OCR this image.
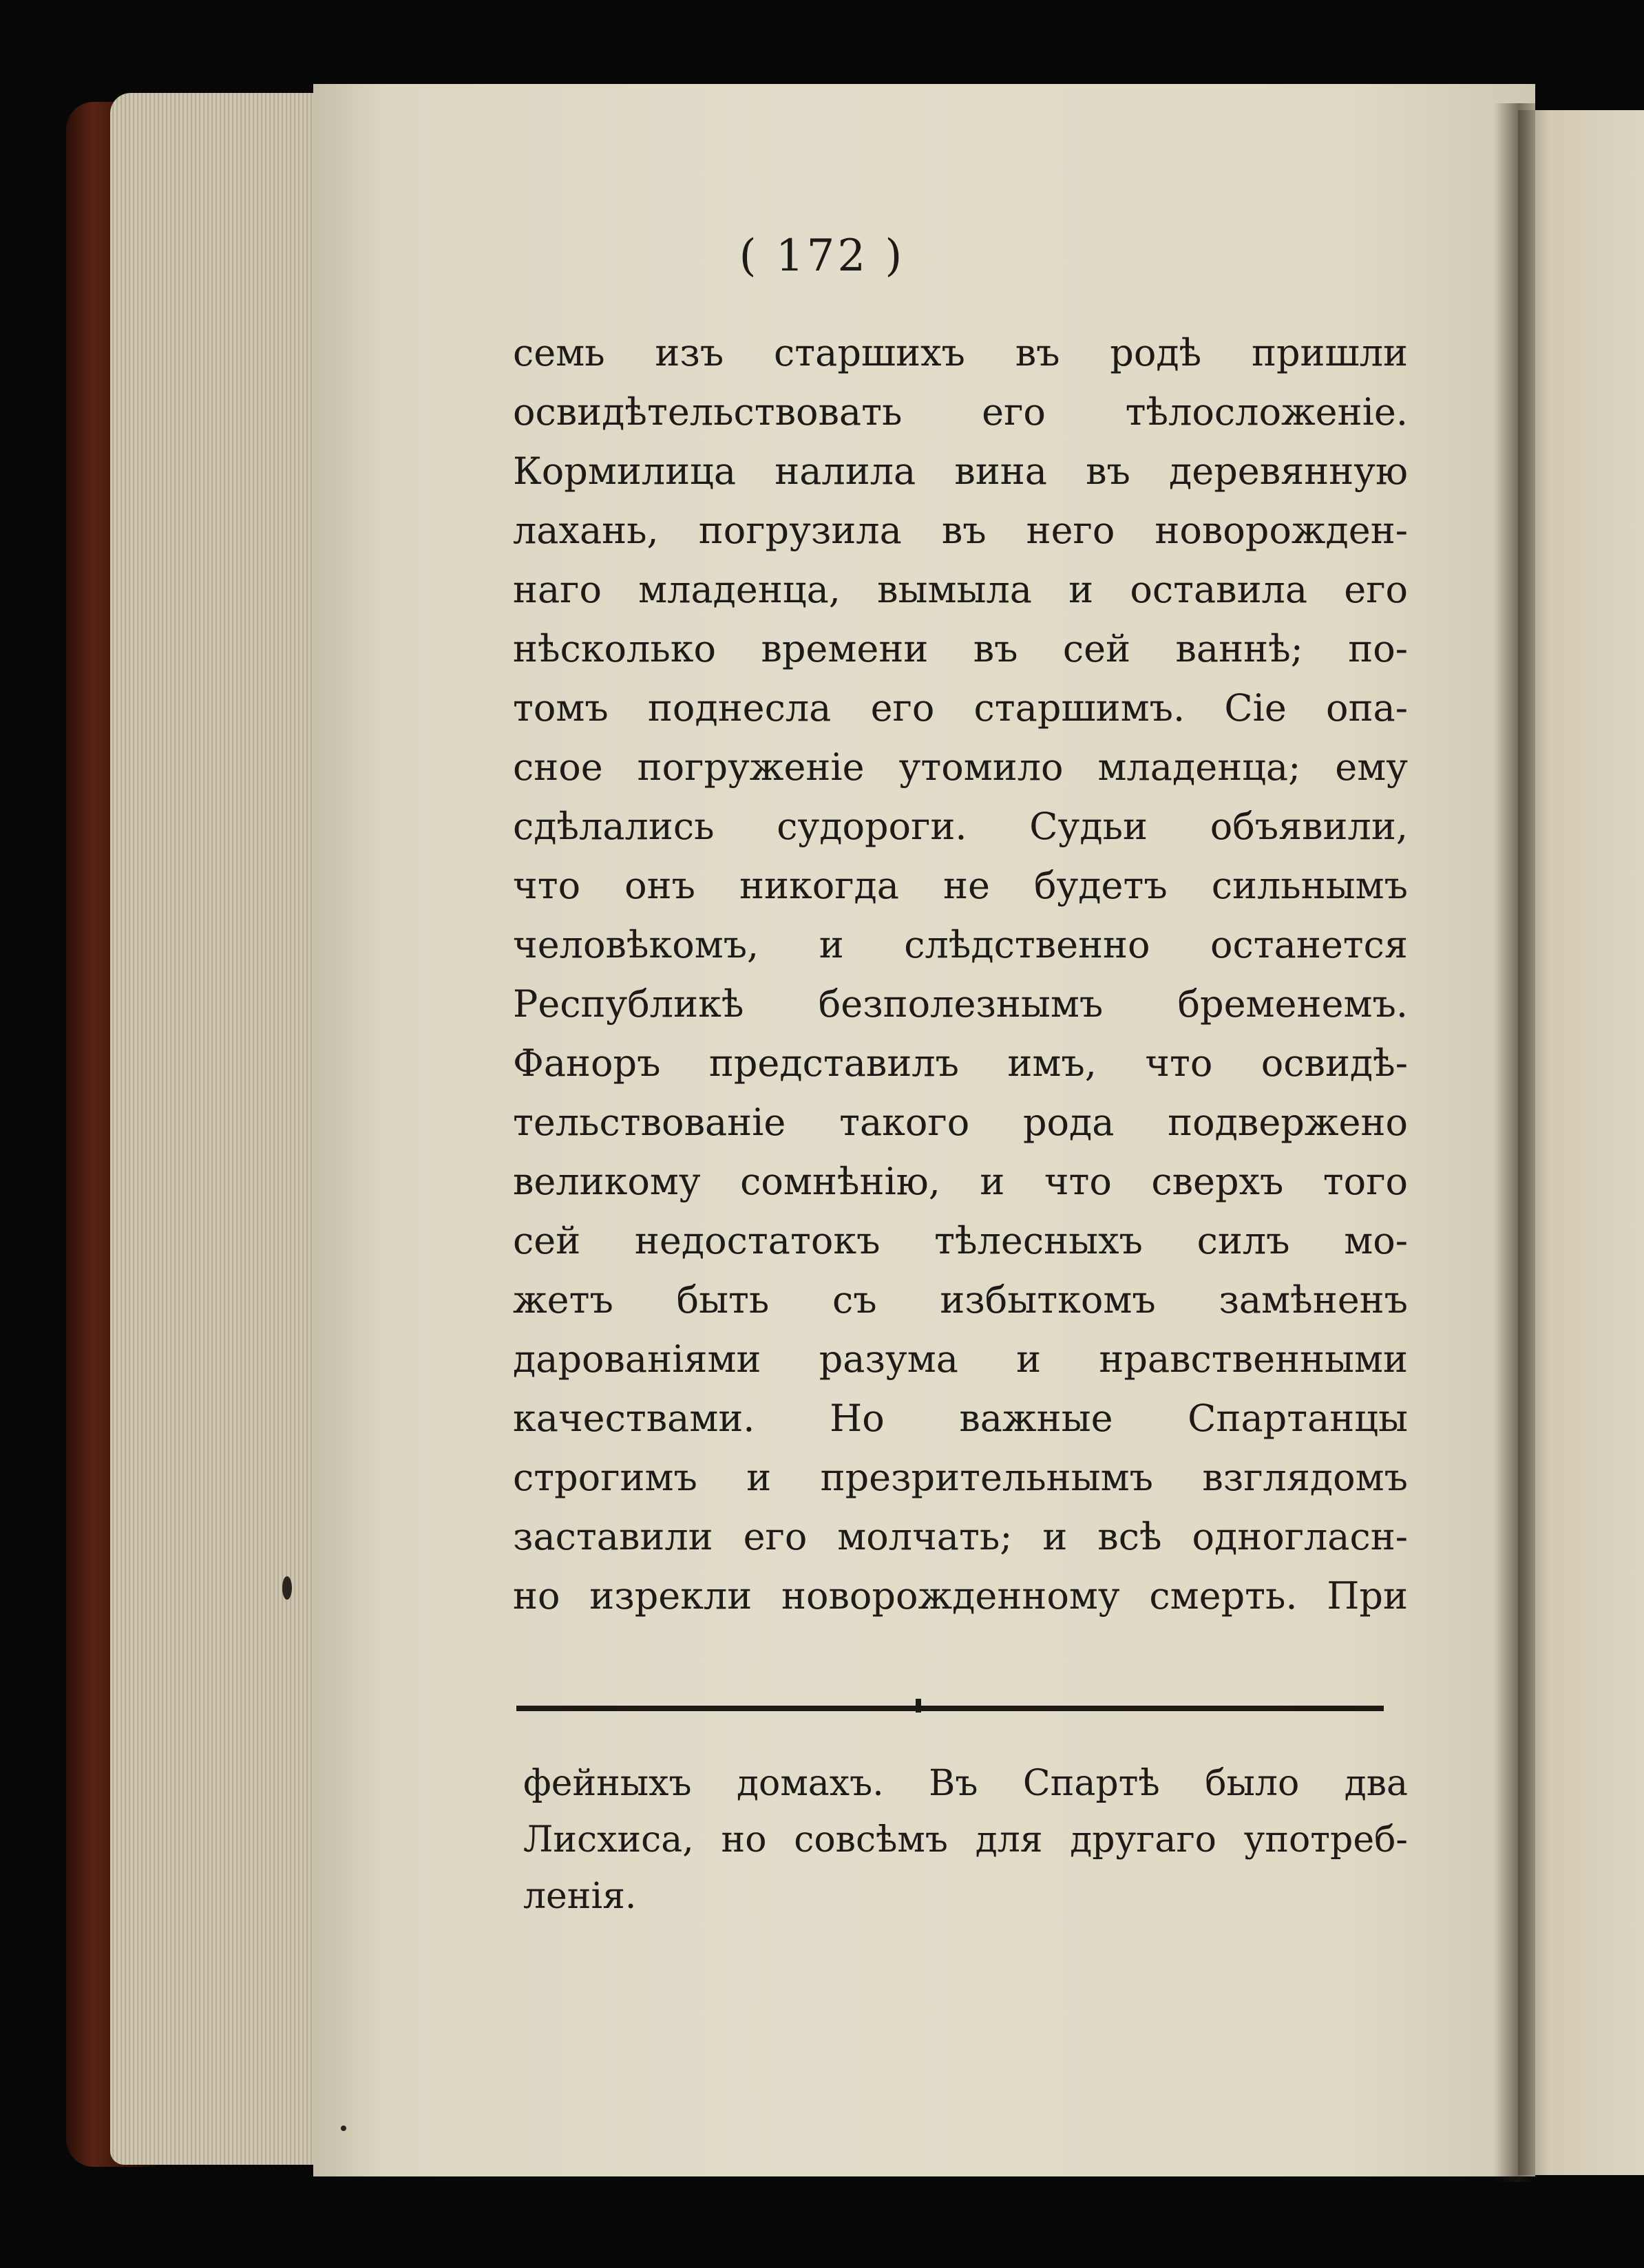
( 172 )
семь изъ старшихъ въ родѣ пришли
освидѣтельствовать его тѣлосложеніе.
Кормилица налила вина въ деревянную
лахань, погрузила въ него новорожден-
наго младенца, вымыла и оставила его
нѣсколько времени въ сей ваннѣ; по-
томъ поднесла его старшимъ. Сіе опа-
сное погруженіе утомило младенца; ему
сдѣлались судороги. Судьи объявили,
что онъ никогда не будетъ сильнымъ
человѣкомъ, и слѣдственно останется
Республикѣ безполезнымъ бременемъ.
Фаноръ представилъ имъ, что освидѣ-
тельствованіе такого рода подвержено
великому сомнѣнію, и что сверхъ того
сей недостатокъ тѣлесныхъ силъ мо-
жетъ быть съ избыткомъ замѣненъ
дарованіями разума и нравственными
качествами. Но важные Спартанцы
строгимъ и презрительнымъ взглядомъ
заставили его молчать; и всѣ одногласн-
но изрекли новорожденному смерть. При
фейныхъ домахъ. Въ Спартѣ было два
Лисхиса, но совсѣмъ для другаго употреб-
ленія.
